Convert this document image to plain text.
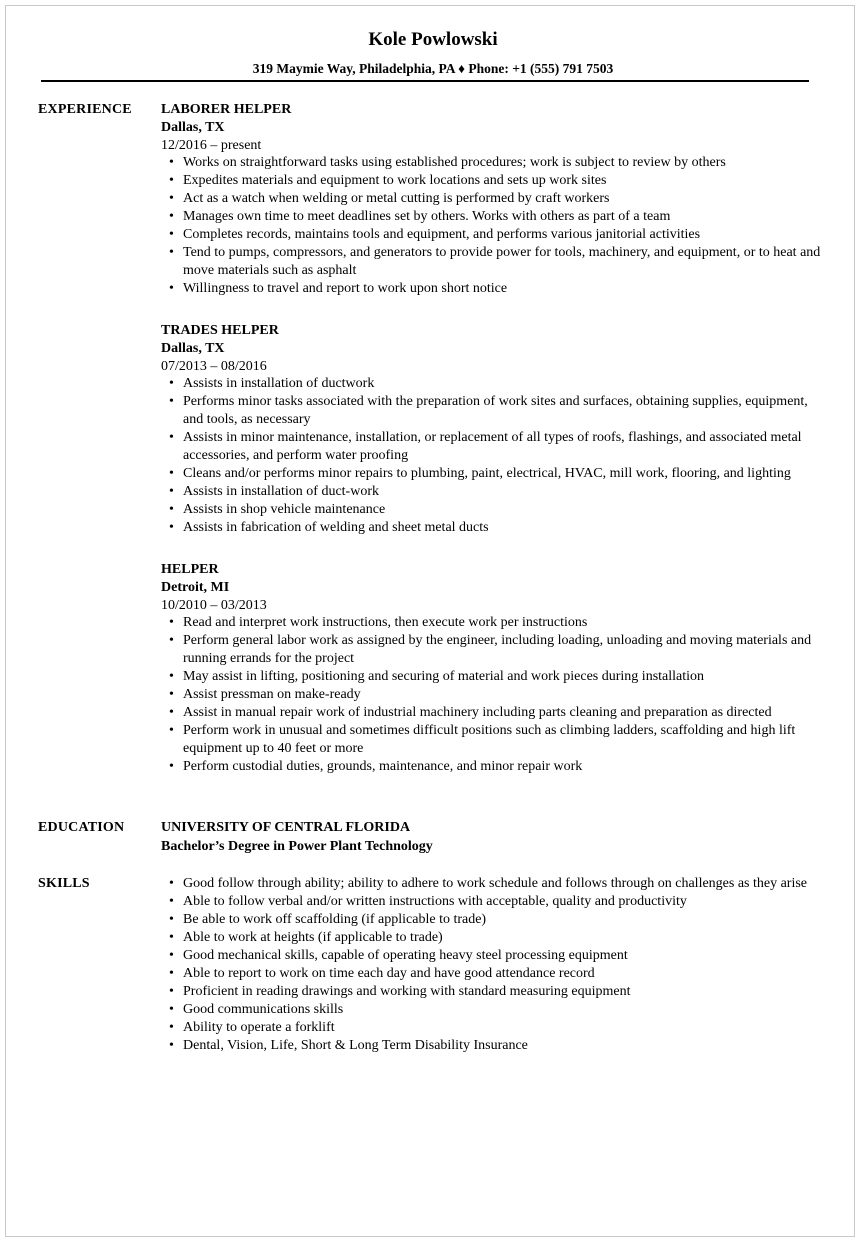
Kole Powlowski
319 Maymie Way, Philadelphia, PA ♦ Phone: +1 (555) 791 7503
EXPERIENCE LABORER HELPER
Dallas, TX
12/2016 – present
• Works on straightforward tasks using established procedures; work is subject to review by others
• Expedites materials and equipment to work locations and sets up work sites
• Act as a watch when welding or metal cutting is performed by craft workers
• Manages own time to meet deadlines set by others. Works with others as part of a team
• Completes records, maintains tools and equipment, and performs various janitorial activities
• Tend to pumps, compressors, and generators to provide power for tools, machinery, and equipment, or to heat and move materials such as asphalt
• Willingness to travel and report to work upon short notice
TRADES HELPER
Dallas, TX
07/2013 – 08/2016
• Assists in installation of ductwork
• Performs minor tasks associated with the preparation of work sites and surfaces, obtaining supplies, equipment, and tools, as necessary
• Assists in minor maintenance, installation, or replacement of all types of roofs, flashings, and associated metal accessories, and perform water proofing
• Cleans and/or performs minor repairs to plumbing, paint, electrical, HVAC, mill work, flooring, and lighting
• Assists in installation of duct-work
• Assists in shop vehicle maintenance
• Assists in fabrication of welding and sheet metal ducts
HELPER
Detroit, MI
10/2010 – 03/2013
• Read and interpret work instructions, then execute work per instructions
• Perform general labor work as assigned by the engineer, including loading, unloading and moving materials and running errands for the project
• May assist in lifting, positioning and securing of material and work pieces during installation
• Assist pressman on make-ready
• Assist in manual repair work of industrial machinery including parts cleaning and preparation as directed
• Perform work in unusual and sometimes difficult positions such as climbing ladders, scaffolding and high lift equipment up to 40 feet or more
• Perform custodial duties, grounds, maintenance, and minor repair work
EDUCATION	UNIVERSITY OF CENTRAL FLORIDA
Bachelor’s Degree in Power Plant Technology
SKILLS
•	Good follow through ability; ability to adhere to work schedule and follows through on challenges as they arise
• Able to follow verbal and/or written instructions with acceptable, quality and productivity
• Be able to work off scaffolding (if applicable to trade)
• Able to work at heights (if applicable to trade)
• Good mechanical skills, capable of operating heavy steel processing equipment
• Able to report to work on time each day and have good attendance record
• Proficient in reading drawings and working with standard measuring equipment
• Good communications skills
• Ability to operate a forklift
• Dental, Vision, Life, Short & Long Term Disability Insurance
